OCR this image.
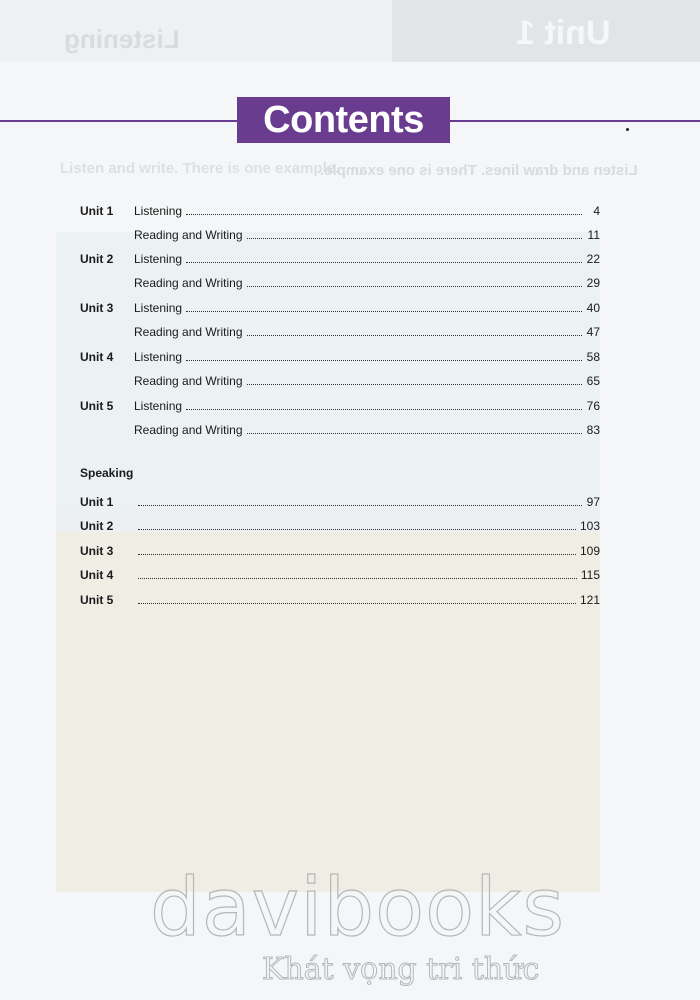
Listening	Unit 1
Listen and write. There is one example.
Listen and draw lines. There is one example.
Contents
Unit 1	Listening	4
Reading and Writing	11
Unit 2	Listening	22
Reading and Writing	29
Unit 3	Listening	40
Reading and Writing	47
Unit 4	Listening	58
Reading and Writing	65
Unit 5	Listening	76
Reading and Writing	83
Speaking
Unit 1	97
Unit 2	103
Unit 3	109
Unit 4	115
Unit 5	121
davibooks
Khát vọng tri thức
